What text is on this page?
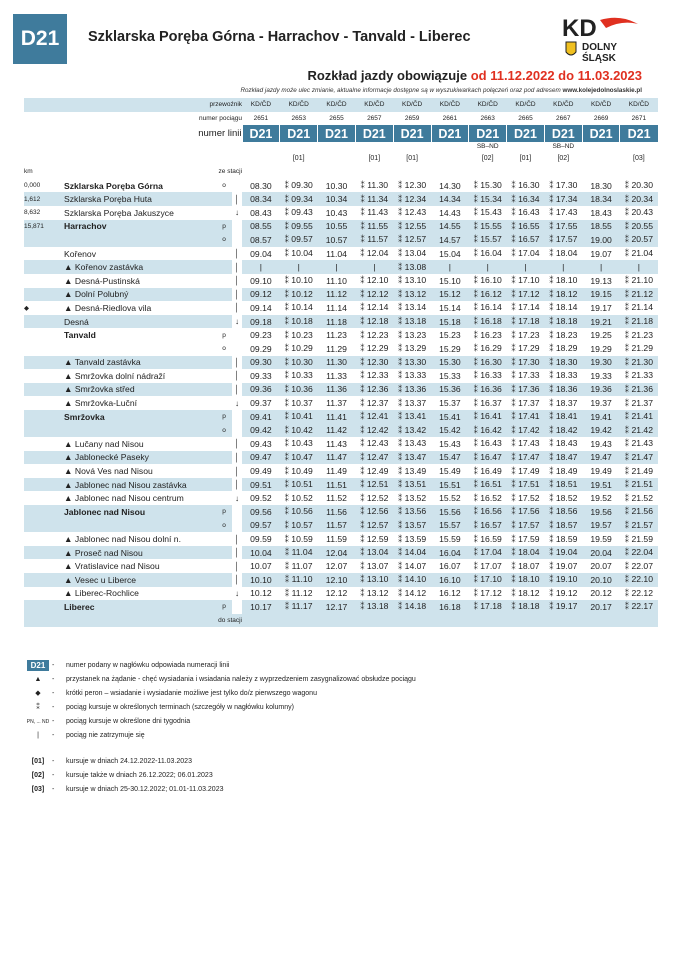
D21	Szklarska Poręba Górna - Harrachov - Tanvald - Liberec	KD
DOLNY
ŚLĄSK
Rozkład jazdy obowiązuje od 11.12.2022 do 11.03.2023
Rozkład jazdy może ulec zmianie, aktualne informacje dostępne są w wyszukiwarkach połączeń oraz pod adresem www.kolejedolnoslaskie.pl
przewoźnik				KD/ČD	KD/ČD	KD/ČD	KD/ČD	KD/ČD	KD/ČD	KD/ČD	KD/ČD	KD/ČD	KD/ČD	KD/ČD
numer pociągu				2651	2653	2655	2657	2659	2661	2663	2665	2667	2669	2671
numer linii				D21	D21	D21	D21	D21	D21	D21	D21	D21	D21	D21
										SB–ND		SB–ND		
					[01]		[01]	[01]		[02]	[01]	[02]		[03]
km	ze stacji													
0,000	Szklarska Poręba Górna	o		08.30	⁑ 09.30	10.30	⁑ 11.30	⁑ 12.30	14.30	⁑ 15.30	⁑ 16.30	⁑ 17.30	18.30	⁑ 20.30
1,612	Szklarska Poręba Huta		│	08.34	⁑ 09.34	10.34	⁑ 11.34	⁑ 12.34	14.34	⁑ 15.34	⁑ 16.34	⁑ 17.34	18.34	⁑ 20.34
8,632	Szklarska Poręba Jakuszyce		↓	08.43	⁑ 09.43	10.43	⁑ 11.43	⁑ 12.43	14.43	⁑ 15.43	⁑ 16.43	⁑ 17.43	18.43	⁑ 20.43
15,871	Harrachov	p		08.55	⁑ 09.55	10.55	⁑ 11.55	⁑ 12.55	14.55	⁑ 15.55	⁑ 16.55	⁑ 17.55	18.55	⁑ 20.55
		o		08.57	⁑ 09.57	10.57	⁑ 11.57	⁑ 12.57	14.57	⁑ 15.57	⁑ 16.57	⁑ 17.57	19.00	⁑ 20.57
	Kořenov		│	09.04	⁑ 10.04	11.04	⁑ 12.04	⁑ 13.04	15.04	⁑ 16.04	⁑ 17.04	⁑ 18.04	19.07	⁑ 21.04
	▲ Kořenov zastávka		│	|	|	|	|	⁑ 13.08	|	|	|	|	|	|
	▲ Desná-Pustinská		│	09.10	⁑ 10.10	11.10	⁑ 12.10	⁑ 13.10	15.10	⁑ 16.10	⁑ 17.10	⁑ 18.10	19.13	⁑ 21.10
	▲ Dolní Polubný		│	09.12	⁑ 10.12	11.12	⁑ 12.12	⁑ 13.12	15.12	⁑ 16.12	⁑ 17.12	⁑ 18.12	19.15	⁑ 21.12
◆	▲ Desná-Riedlova vila		│	09.14	⁑ 10.14	11.14	⁑ 12.14	⁑ 13.14	15.14	⁑ 16.14	⁑ 17.14	⁑ 18.14	19.17	⁑ 21.14
	Desná		↓	09.18	⁑ 10.18	11.18	⁑ 12.18	⁑ 13.18	15.18	⁑ 16.18	⁑ 17.18	⁑ 18.18	19.21	⁑ 21.18
	Tanvald	p		09.23	⁑ 10.23	11.23	⁑ 12.23	⁑ 13.23	15.23	⁑ 16.23	⁑ 17.23	⁑ 18.23	19.25	⁑ 21.23
		o		09.29	⁑ 10.29	11.29	⁑ 12.29	⁑ 13.29	15.29	⁑ 16.29	⁑ 17.29	⁑ 18.29	19.29	⁑ 21.29
	▲ Tanvald zastávka		│	09.30	⁑ 10.30	11.30	⁑ 12.30	⁑ 13.30	15.30	⁑ 16.30	⁑ 17.30	⁑ 18.30	19.30	⁑ 21.30
	▲ Smržovka dolní nádraží		│	09.33	⁑ 10.33	11.33	⁑ 12.33	⁑ 13.33	15.33	⁑ 16.33	⁑ 17.33	⁑ 18.33	19.33	⁑ 21.33
	▲ Smržovka střed		│	09.36	⁑ 10.36	11.36	⁑ 12.36	⁑ 13.36	15.36	⁑ 16.36	⁑ 17.36	⁑ 18.36	19.36	⁑ 21.36
	▲ Smržovka-Luční		↓	09.37	⁑ 10.37	11.37	⁑ 12.37	⁑ 13.37	15.37	⁑ 16.37	⁑ 17.37	⁑ 18.37	19.37	⁑ 21.37
	Smržovka	p		09.41	⁑ 10.41	11.41	⁑ 12.41	⁑ 13.41	15.41	⁑ 16.41	⁑ 17.41	⁑ 18.41	19.41	⁑ 21.41
		o		09.42	⁑ 10.42	11.42	⁑ 12.42	⁑ 13.42	15.42	⁑ 16.42	⁑ 17.42	⁑ 18.42	19.42	⁑ 21.42
	▲ Lučany nad Nisou		│	09.43	⁑ 10.43	11.43	⁑ 12.43	⁑ 13.43	15.43	⁑ 16.43	⁑ 17.43	⁑ 18.43	19.43	⁑ 21.43
	▲ Jablonecké Paseky		│	09.47	⁑ 10.47	11.47	⁑ 12.47	⁑ 13.47	15.47	⁑ 16.47	⁑ 17.47	⁑ 18.47	19.47	⁑ 21.47
	▲ Nová Ves nad Nisou		│	09.49	⁑ 10.49	11.49	⁑ 12.49	⁑ 13.49	15.49	⁑ 16.49	⁑ 17.49	⁑ 18.49	19.49	⁑ 21.49
	▲ Jablonec nad Nisou zastávka		│	09.51	⁑ 10.51	11.51	⁑ 12.51	⁑ 13.51	15.51	⁑ 16.51	⁑ 17.51	⁑ 18.51	19.51	⁑ 21.51
	▲ Jablonec nad Nisou centrum		↓	09.52	⁑ 10.52	11.52	⁑ 12.52	⁑ 13.52	15.52	⁑ 16.52	⁑ 17.52	⁑ 18.52	19.52	⁑ 21.52
	Jablonec nad Nisou	p		09.56	⁑ 10.56	11.56	⁑ 12.56	⁑ 13.56	15.56	⁑ 16.56	⁑ 17.56	⁑ 18.56	19.56	⁑ 21.56
		o		09.57	⁑ 10.57	11.57	⁑ 12.57	⁑ 13.57	15.57	⁑ 16.57	⁑ 17.57	⁑ 18.57	19.57	⁑ 21.57
	▲ Jablonec nad Nisou dolní n.		│	09.59	⁑ 10.59	11.59	⁑ 12.59	⁑ 13.59	15.59	⁑ 16.59	⁑ 17.59	⁑ 18.59	19.59	⁑ 21.59
	▲ Proseč nad Nisou		│	10.04	⁑ 11.04	12.04	⁑ 13.04	⁑ 14.04	16.04	⁑ 17.04	⁑ 18.04	⁑ 19.04	20.04	⁑ 22.04
	▲ Vratislavice nad Nisou		│	10.07	⁑ 11.07	12.07	⁑ 13.07	⁑ 14.07	16.07	⁑ 17.07	⁑ 18.07	⁑ 19.07	20.07	⁑ 22.07
	▲ Vesec u Liberce		│	10.10	⁑ 11.10	12.10	⁑ 13.10	⁑ 14.10	16.10	⁑ 17.10	⁑ 18.10	⁑ 19.10	20.10	⁑ 22.10
	▲ Liberec-Rochlice		↓	10.12	⁑ 11.12	12.12	⁑ 13.12	⁑ 14.12	16.12	⁑ 17.12	⁑ 18.12	⁑ 19.12	20.12	⁑ 22.12
	Liberec	p		10.17	⁑ 11.17	12.17	⁑ 13.18	⁑ 14.18	16.18	⁑ 17.18	⁑ 18.18	⁑ 19.17	20.17	⁑ 22.17
	do stacji													
D21 -	numer podany w nagłówku odpowiada numeracji linii
▲	-	przystanek na żądanie - chęć wysiadania i wsiadania należy z wyprzedzeniem zasygnalizować obsłudze pociągu
◆	-	krótki peron – wsiadanie i wysiadanie możliwe jest tylko do/z pierwszego wagonu
⁑	-	pociąg kursuje w określonych terminach (szczegóły w nagłówku kolumny)
PN, ... ND -	pociąg kursuje w określone dni tygodnia
|	-	pociąg nie zatrzymuje się
[01]	-	kursuje w dniach 24.12.2022-11.03.2023
[02]	-	kursuje także w dniach 26.12.2022; 06.01.2023
[03]	-	kursuje w dniach 25-30.12.2022; 01.01-11.03.2023
